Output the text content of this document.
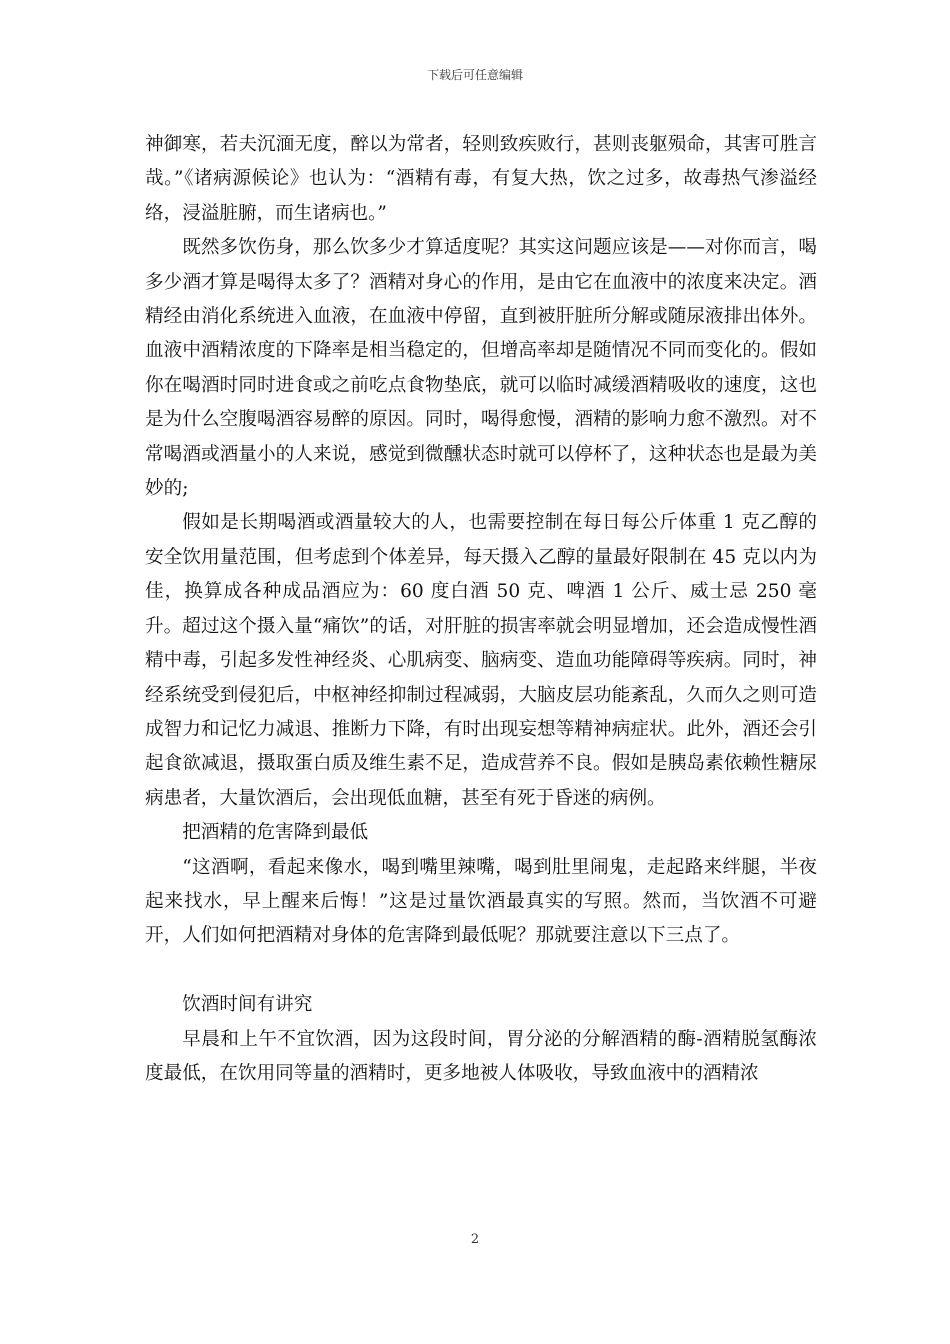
下载后可任意编辑

神御寒，若夫沉湎无度，醉以为常者，轻则致疾败行，甚则丧躯殒命，其害可胜言哉。”《诸病源候论》也认为：“酒精有毒，有复大热，饮之过多，故毒热气渗溢经络，浸溢脏腑，而生诸病也。”

既然多饮伤身，那么饮多少才算适度呢？其实这问题应该是——对你而言，喝多少酒才算是喝得太多了？酒精对身心的作用，是由它在血液中的浓度来决定。酒精经由消化系统进入血液，在血液中停留，直到被肝脏所分解或随尿液排出体外。血液中酒精浓度的下降率是相当稳定的，但增高率却是随情况不同而变化的。假如你在喝酒时同时进食或之前吃点食物垫底，就可以临时减缓酒精吸收的速度，这也是为什么空腹喝酒容易醉的原因。同时，喝得愈慢，酒精的影响力愈不激烈。对不常喝酒或酒量小的人来说，感觉到微醺状态时就可以停杯了，这种状态也是最为美妙的;

假如是长期喝酒或酒量较大的人，也需要控制在每日每公斤体重 1 克乙醇的安全饮用量范围，但考虑到个体差异，每天摄入乙醇的量最好限制在 45 克以内为佳，换算成各种成品酒应为：60 度白酒 50 克、啤酒 1 公斤、威士忌 250 毫升。超过这个摄入量“痛饮”的话，对肝脏的损害率就会明显增加，还会造成慢性酒精中毒，引起多发性神经炎、心肌病变、脑病变、造血功能障碍等疾病。同时，神经系统受到侵犯后，中枢神经抑制过程减弱，大脑皮层功能紊乱，久而久之则可造成智力和记忆力减退、推断力下降，有时出现妄想等精神病症状。此外，酒还会引起食欲减退，摄取蛋白质及维生素不足，造成营养不良。假如是胰岛素依赖性糖尿病患者，大量饮酒后，会出现低血糖，甚至有死于昏迷的病例。

把酒精的危害降到最低

“这酒啊，看起来像水，喝到嘴里辣嘴，喝到肚里闹鬼，走起路来绊腿，半夜起来找水，早上醒来后悔！”这是过量饮酒最真实的写照。然而，当饮酒不可避开，人们如何把酒精对身体的危害降到最低呢？那就要注意以下三点了。

饮酒时间有讲究

早晨和上午不宜饮酒，因为这段时间，胃分泌的分解酒精的酶-酒精脱氢酶浓度最低，在饮用同等量的酒精时，更多地被人体吸收，导致血液中的酒精浓

2
